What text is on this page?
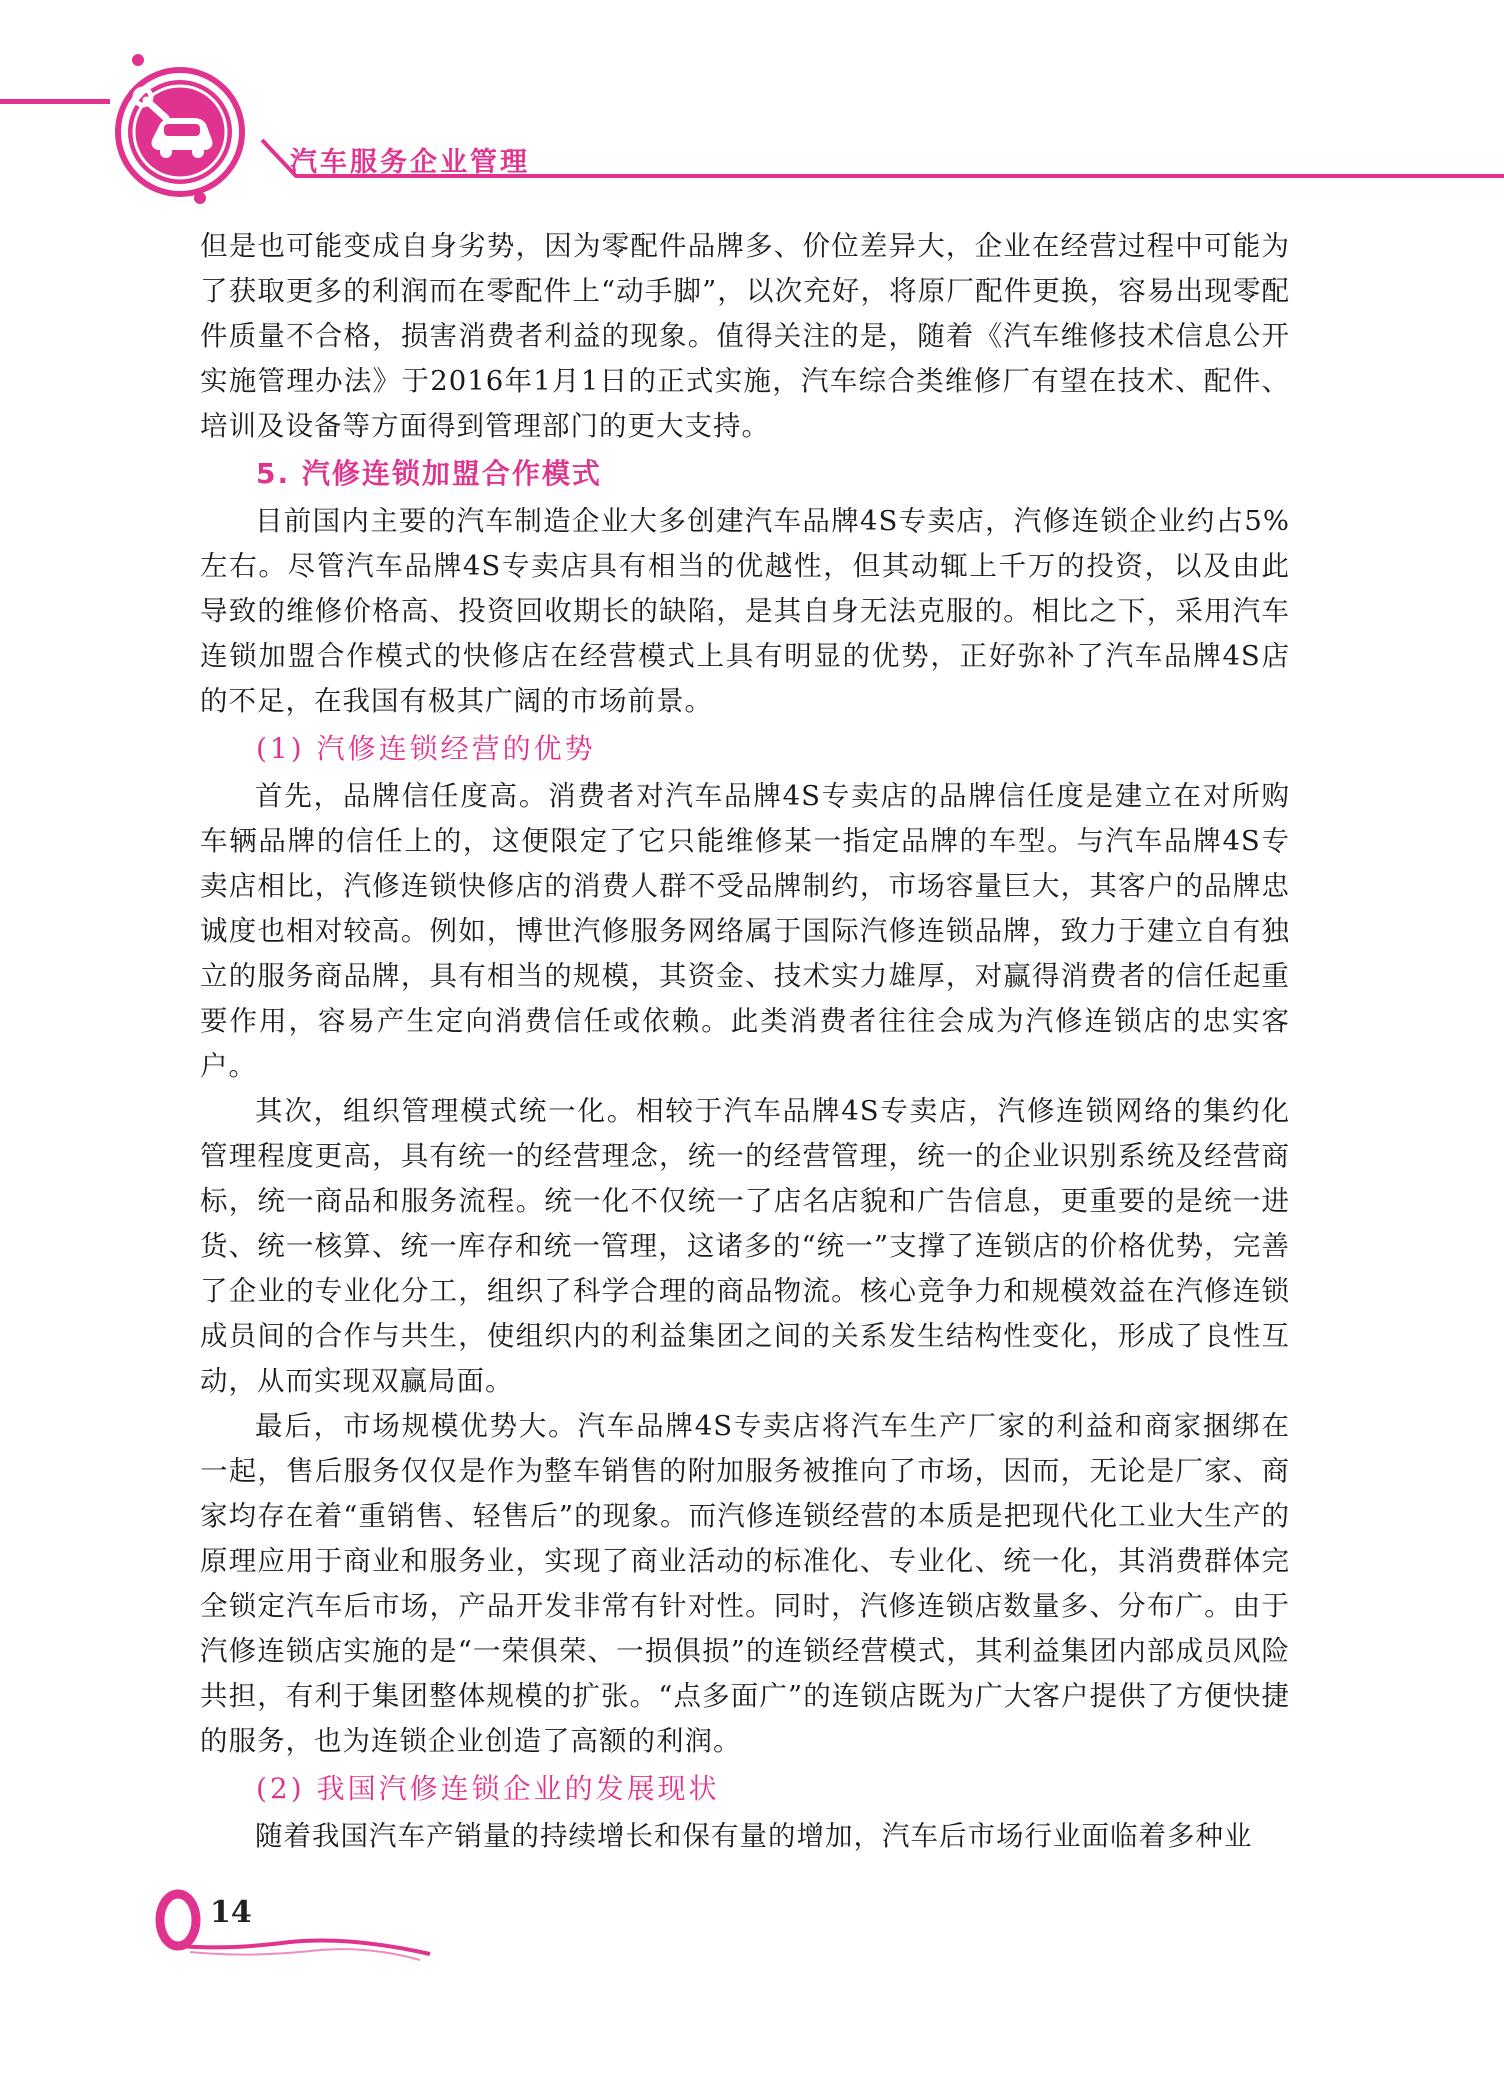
汽车服务企业管理

但是也可能变成自身劣势，因为零配件品牌多、价位差异大，企业在经营过程中可能为了获取更多的利润而在零配件上“动手脚”，以次充好，将原厂配件更换，容易出现零配件质量不合格，损害消费者利益的现象。值得关注的是，随着《汽车维修技术信息公开实施管理办法》于2016年1月1日的正式实施，汽车综合类维修厂有望在技术、配件、培训及设备等方面得到管理部门的更大支持。

5. 汽修连锁加盟合作模式

目前国内主要的汽车制造企业大多创建汽车品牌4S专卖店，汽修连锁企业约占5%左右。尽管汽车品牌4S专卖店具有相当的优越性，但其动辄上千万的投资，以及由此导致的维修价格高、投资回收期长的缺陷，是其自身无法克服的。相比之下，采用汽车连锁加盟合作模式的快修店在经营模式上具有明显的优势，正好弥补了汽车品牌4S店的不足，在我国有极其广阔的市场前景。

(1) 汽修连锁经营的优势

首先，品牌信任度高。消费者对汽车品牌4S专卖店的品牌信任度是建立在对所购车辆品牌的信任上的，这便限定了它只能维修某一指定品牌的车型。与汽车品牌4S专卖店相比，汽修连锁快修店的消费人群不受品牌制约，市场容量巨大，其客户的品牌忠诚度也相对较高。例如，博世汽修服务网络属于国际汽修连锁品牌，致力于建立自有独立的服务商品牌，具有相当的规模，其资金、技术实力雄厚，对赢得消费者的信任起重要作用，容易产生定向消费信任或依赖。此类消费者往往会成为汽修连锁店的忠实客户。

其次，组织管理模式统一化。相较于汽车品牌4S专卖店，汽修连锁网络的集约化管理程度更高，具有统一的经营理念，统一的经营管理，统一的企业识别系统及经营商标，统一商品和服务流程。统一化不仅统一了店名店貌和广告信息，更重要的是统一进货、统一核算、统一库存和统一管理，这诸多的“统一”支撑了连锁店的价格优势，完善了企业的专业化分工，组织了科学合理的商品物流。核心竞争力和规模效益在汽修连锁成员间的合作与共生，使组织内的利益集团之间的关系发生结构性变化，形成了良性互动，从而实现双赢局面。

最后，市场规模优势大。汽车品牌4S专卖店将汽车生产厂家的利益和商家捆绑在一起，售后服务仅仅是作为整车销售的附加服务被推向了市场，因而，无论是厂家、商家均存在着“重销售、轻售后”的现象。而汽修连锁经营的本质是把现代化工业大生产的原理应用于商业和服务业，实现了商业活动的标准化、专业化、统一化，其消费群体完全锁定汽车后市场，产品开发非常有针对性。同时，汽修连锁店数量多、分布广。由于汽修连锁店实施的是“一荣俱荣、一损俱损”的连锁经营模式，其利益集团内部成员风险共担，有利于集团整体规模的扩张。“点多面广”的连锁店既为广大客户提供了方便快捷的服务，也为连锁企业创造了高额的利润。

(2) 我国汽修连锁企业的发展现状

随着我国汽车产销量的持续增长和保有量的增加，汽车后市场行业面临着多种业

14
